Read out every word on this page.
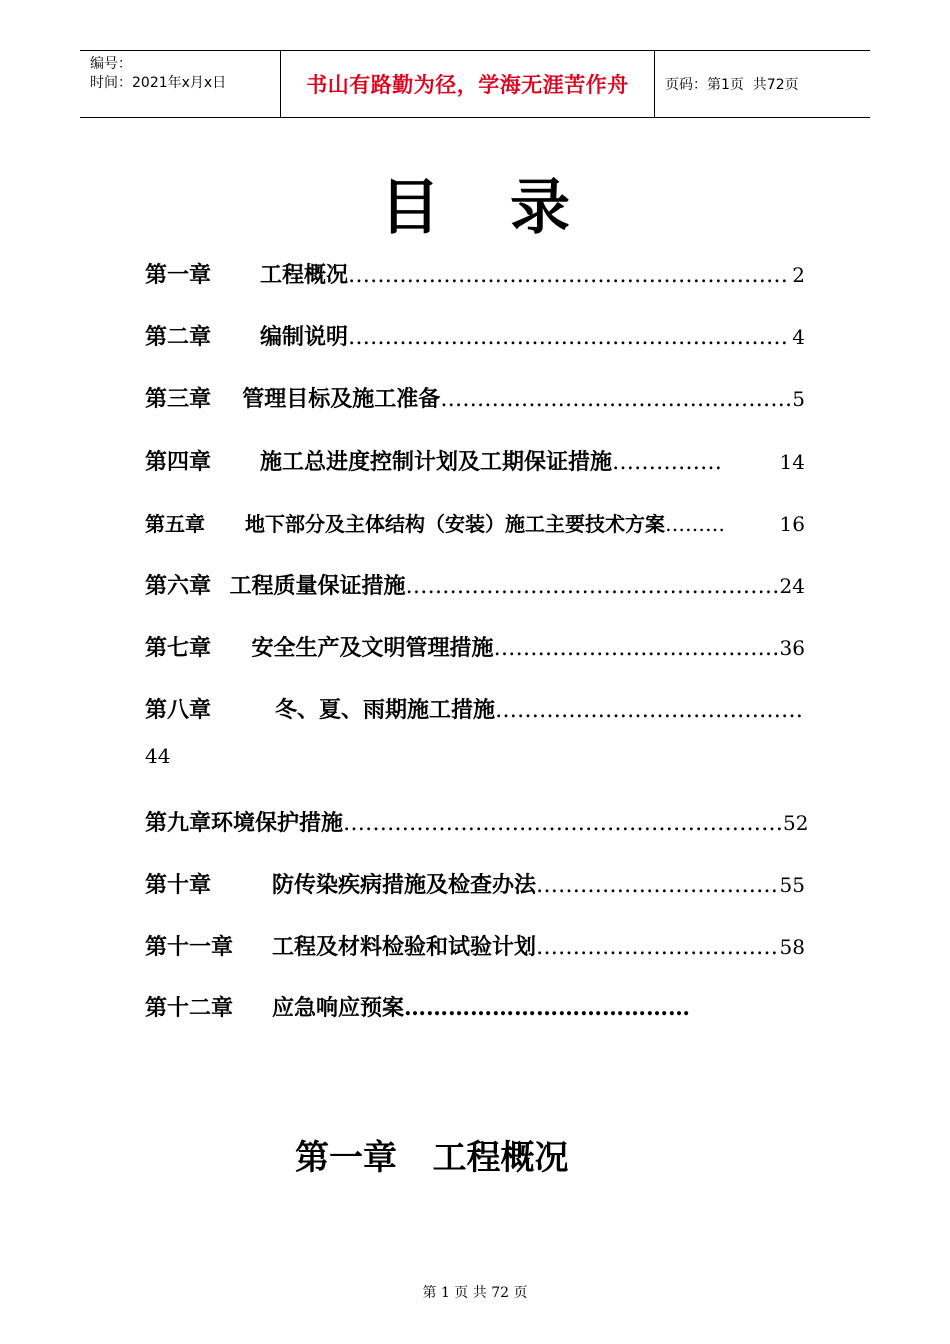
编号：
时间：2021年x月x日	书山有路勤为径，学海无涯苦作舟	页码：第1页  共72页
目录
第一章	工程概况 …………………………………………………… 2
第二章	编制说明 …………………………………………………… 4
第三章	管理目标及施工准备 ………………………………………… 5
第四章	施工总进度控制计划及工期保证措施 ……………	14
第五章	地下部分及主体结构（安装）施工主要技术方案 ………	16
第六章 工程质量保证措施 …………………………………………… 24
第七章	安全生产及文明管理措施 ………………………………… 36
第八章	冬、夏、雨期施工措施 ……………………………………
44
第九章 环境保护措施 …………………………………………………… 52
第十章	防传染疾病措施及检查办法 …………………………… 55
第十一章	工程及材料检验和试验计划 …………………………… 58
第十二章	应急响应预案 …………………………………
第一章   工程概况
第 1 页 共 72 页
